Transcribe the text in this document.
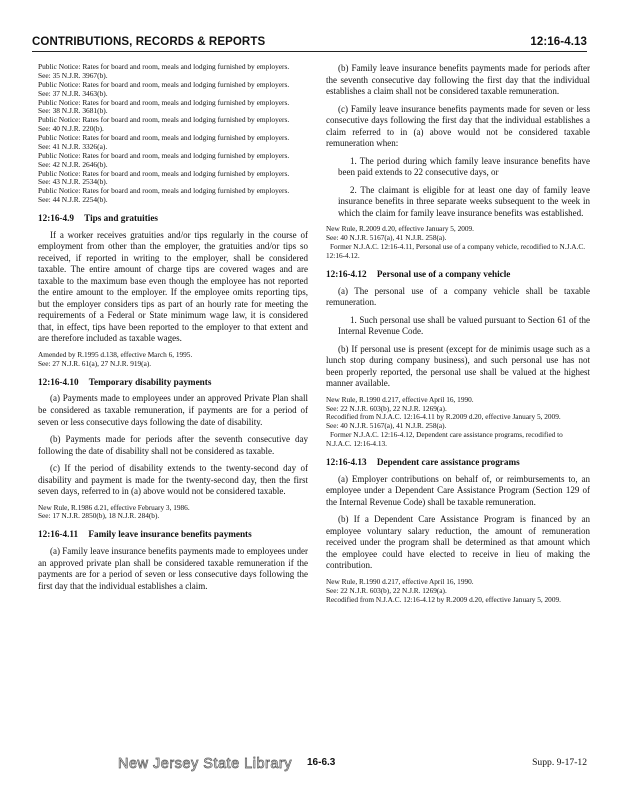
CONTRIBUTIONS, RECORDS & REPORTS	12:16-4.13
Public Notice: Rates for board and room, meals and lodging furnished by employers.
See: 35 N.J.R. 3967(b).
Public Notice: Rates for board and room, meals and lodging furnished by employers.
See: 37 N.J.R. 3463(b).
Public Notice: Rates for board and room, meals and lodging furnished by employers.
See: 38 N.J.R. 3681(b).
Public Notice: Rates for board and room, meals and lodging furnished by employers.
See: 40 N.J.R. 220(b).
Public Notice: Rates for board and room, meals and lodging furnished by employers.
See: 41 N.J.R. 3326(a).
Public Notice: Rates for board and room, meals and lodging furnished by employers.
See: 42 N.J.R. 2646(b).
Public Notice: Rates for board and room, meals and lodging furnished by employers.
See: 43 N.J.R. 2534(b).
Public Notice: Rates for board and room, meals and lodging furnished by employers.
See: 44 N.J.R. 2254(b).
12:16-4.9 Tips and gratuities

If a worker receives gratuities and/or tips regularly in the course of employment from other than the employer, the gratuities and/or tips so received, if reported in writing to the employer, shall be considered taxable. The entire amount of charge tips are covered wages and are taxable to the maximum base even though the employee has not reported the entire amount to the employer. If the employee omits reporting tips, but the employer considers tips as part of an hourly rate for meeting the requirements of a Federal or State minimum wage law, it is considered that, in effect, tips have been reported to the employer to that extent and are therefore included as taxable wages.

Amended by R.1995 d.138, effective March 6, 1995.
See: 27 N.J.R. 61(a), 27 N.J.R. 919(a).
12:16-4.10 Temporary disability payments

(a) Payments made to employees under an approved Private Plan shall be considered as taxable remuneration, if payments are for a period of seven or less consecutive days following the date of disability.

(b) Payments made for periods after the seventh consecutive day following the date of disability shall not be considered as taxable.

(c) If the period of disability extends to the twenty-second day of disability and payment is made for the twenty-second day, then the first seven days, referred to in (a) above would not be considered taxable.

New Rule, R.1986 d.21, effective February 3, 1986.
See: 17 N.J.R. 2850(b), 18 N.J.R. 284(b).
12:16-4.11 Family leave insurance benefits payments

(a) Family leave insurance benefits payments made to employees under an approved private plan shall be considered taxable remuneration if the payments are for a period of seven or less consecutive days following the first day that the individual establishes a claim.

(b) Family leave insurance benefits payments made for periods after the seventh consecutive day following the first day that the individual establishes a claim shall not be considered taxable remuneration.

(c) Family leave insurance benefits payments made for seven or less consecutive days following the first day that the individual establishes a claim referred to in (a) above would not be considered taxable remuneration when:

1. The period during which family leave insurance benefits have been paid extends to 22 consecutive days, or

2. The claimant is eligible for at least one day of family leave insurance benefits in three separate weeks subsequent to the week in which the claim for family leave insurance benefits was established.

New Rule, R.2009 d.20, effective January 5, 2009.
See: 40 N.J.R. 5167(a), 41 N.J.R. 258(a).
Former N.J.A.C. 12:16-4.11, Personal use of a company vehicle, recodified to N.J.A.C. 12:16-4.12.
12:16-4.12 Personal use of a company vehicle

(a) The personal use of a company vehicle shall be taxable remuneration.

1. Such personal use shall be valued pursuant to Section 61 of the Internal Revenue Code.

(b) If personal use is present (except for de minimis usage such as a lunch stop during company business), and such personal use has not been properly reported, the personal use shall be valued at the highest manner available.

New Rule, R.1990 d.217, effective April 16, 1990.
See: 22 N.J.R. 603(b), 22 N.J.R. 1269(a).
Recodified from N.J.A.C. 12:16-4.11 by R.2009 d.20, effective January 5, 2009.
See: 40 N.J.R. 5167(a), 41 N.J.R. 258(a).
Former N.J.A.C. 12:16-4.12, Dependent care assistance programs, recodified to N.J.A.C. 12:16-4.13.
12:16-4.13 Dependent care assistance programs

(a) Employer contributions on behalf of, or reimbursements to, an employee under a Dependent Care Assistance Program (Section 129 of the Internal Revenue Code) shall be taxable remuneration.

(b) If a Dependent Care Assistance Program is financed by an employee voluntary salary reduction, the amount of remuneration received under the program shall be determined as that amount which the employee could have elected to receive in lieu of making the contribution.

New Rule, R.1990 d.217, effective April 16, 1990.
See: 22 N.J.R. 603(b), 22 N.J.R. 1269(a).
Recodified from N.J.A.C. 12:16-4.12 by R.2009 d.20, effective January 5, 2009.
New Jersey State Library 16-6.3	Supp. 9-17-12
